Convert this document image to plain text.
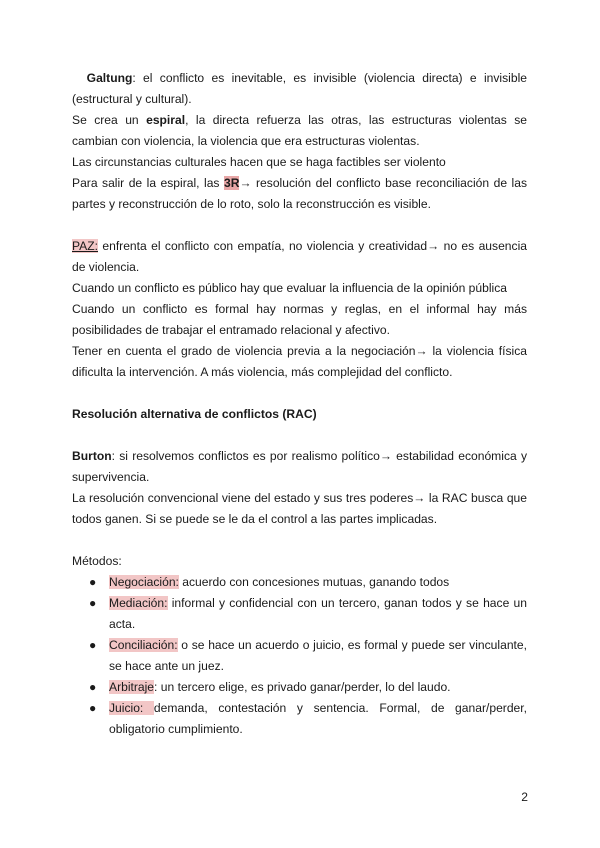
Galtung: el conflicto es inevitable, es invisible (violencia directa) e invisible (estructural y cultural).

Se crea un espiral, la directa refuerza las otras, las estructuras violentas se cambian con violencia, la violencia que era estructuras violentas.

Las circunstancias culturales hacen que se haga factibles ser violento

Para salir de la espiral, las 3R→ resolución del conflicto base reconciliación de las partes y reconstrucción de lo roto, solo la reconstrucción es visible.

PAZ: enfrenta el conflicto con empatía, no violencia y creatividad→ no es ausencia de violencia.

Cuando un conflicto es público hay que evaluar la influencia de la opinión pública

Cuando un conflicto es formal hay normas y reglas, en el informal hay más posibilidades de trabajar el entramado relacional y afectivo.

Tener en cuenta el grado de violencia previa a la negociación→ la violencia física dificulta la intervención. A más violencia, más complejidad del conflicto.

Resolución alternativa de conflictos (RAC)

Burton: si resolvemos conflictos es por realismo político→ estabilidad económica y supervivencia.

La resolución convencional viene del estado y sus tres poderes→ la RAC busca que todos ganen. Si se puede se le da el control a las partes implicadas.

Métodos:

● Negociación: acuerdo con concesiones mutuas, ganando todos
● Mediación: informal y confidencial con un tercero, ganan todos y se hace un acta.
● Conciliación: o se hace un acuerdo o juicio, es formal y puede ser vinculante, se hace ante un juez.
● Arbitraje: un tercero elige, es privado ganar/perder, lo del laudo.
● Juicio: demanda, contestación y sentencia. Formal, de ganar/perder, obligatorio cumplimiento.
2
